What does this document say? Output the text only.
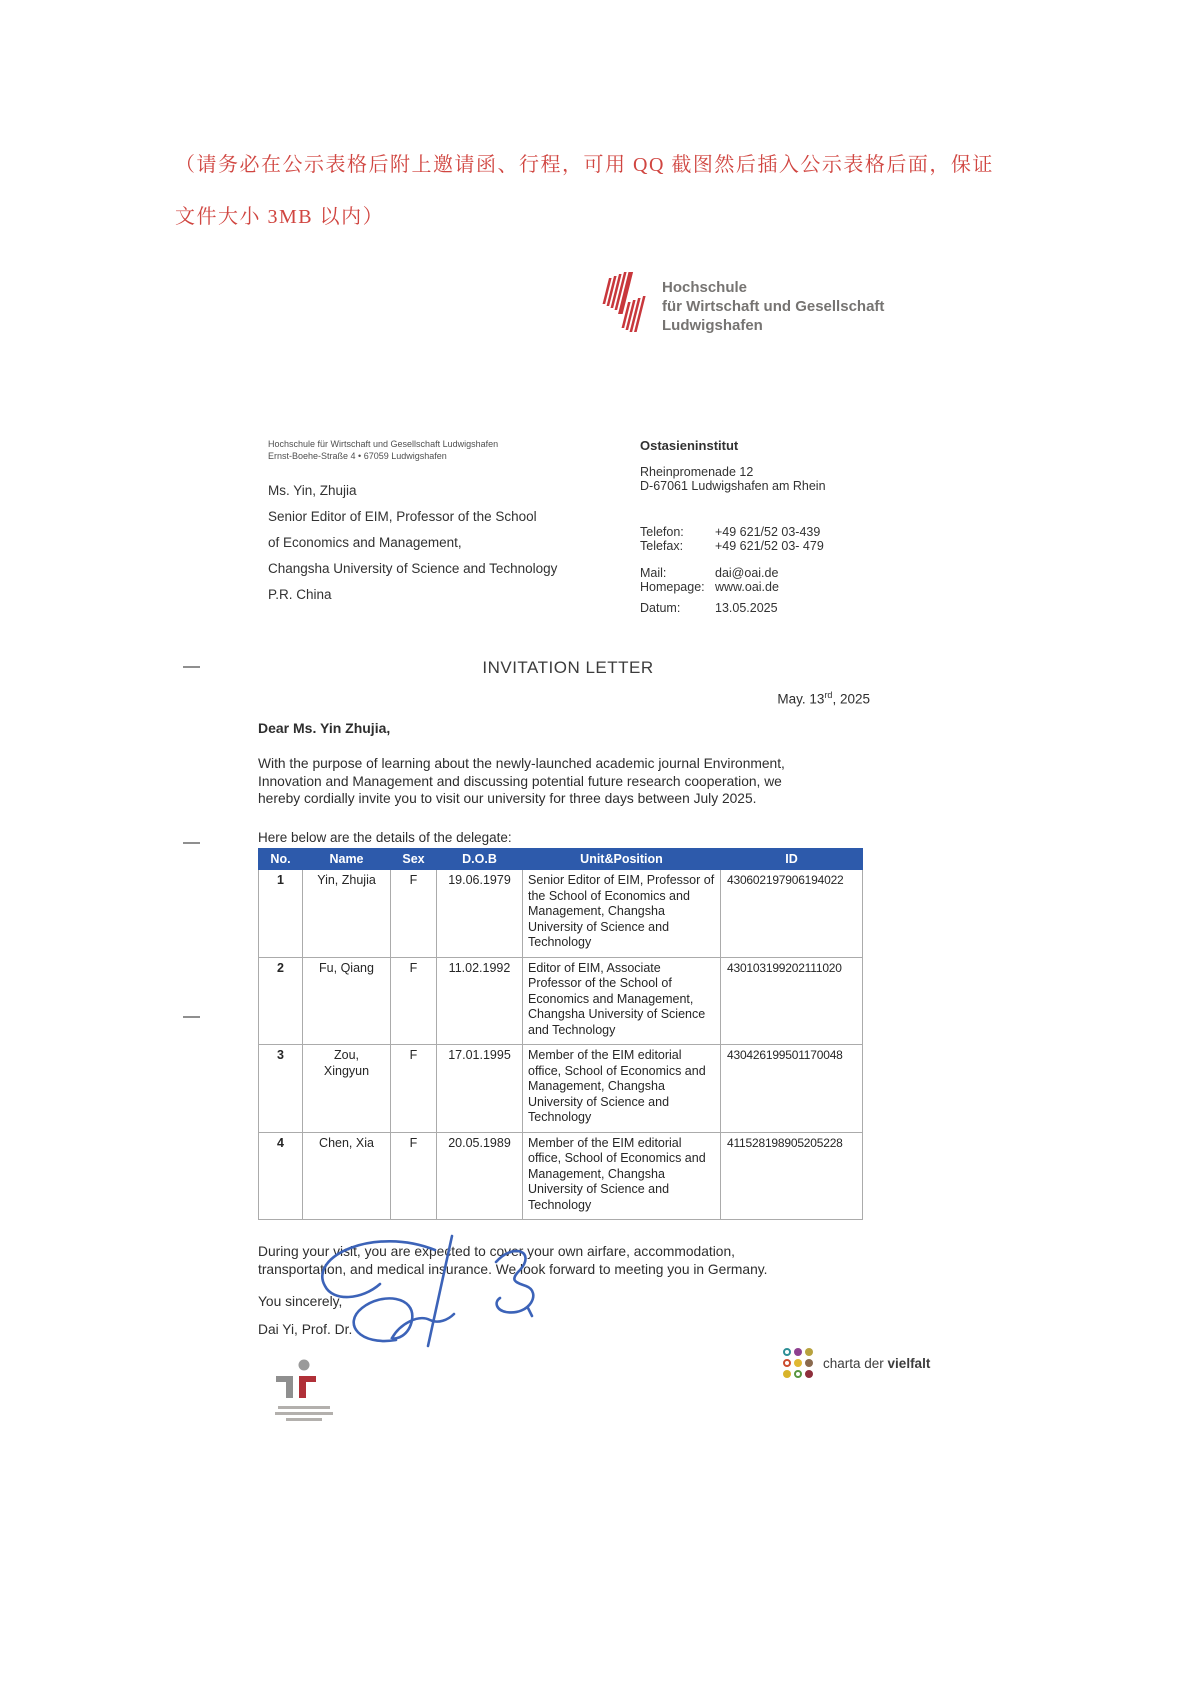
（请务必在公示表格后附上邀请函、行程，可用 QQ 截图然后插入公示表格后面，保证
文件大小 3MB 以内）
Hochschule
für Wirtschaft und Gesellschaft
Ludwigshafen
Hochschule für Wirtschaft und Gesellschaft Ludwigshafen
Ernst-Boehe-Straße 4 • 67059 Ludwigshafen
Ms. Yin, Zhujia
Senior Editor of EIM, Professor of the School
of Economics and Management,
Changsha University of Science and Technology
P.R. China
Ostasieninstitut
Rheinpromenade 12
D-67061 Ludwigshafen am Rhein
Telefon: +49 621/52 03-439
Telefax:	+49 621/52 03- 479
Mail:	dai@oai.de
Homepage: www.oai.de
Datum:	13.05.2025
INVITATION LETTER
May. 13rd, 2025
Dear Ms. Yin Zhujia,
With the purpose of learning about the newly-launched academic journal Environment,
Innovation and Management and discussing potential future research cooperation, we
hereby cordially invite you to visit our university for three days between July 2025.
Here below are the details of the delegate:
No.	Name	Sex	D.O.B	Unit&Position	ID
1	Yin, Zhujia	F	19.06.1979	Senior Editor of EIM, Professor of the School of Economics and Management, Changsha University of Science and Technology	430602197906194022
2	Fu, Qiang	F	11.02.1992	Editor of EIM, Associate Professor of the School of Economics and Management, Changsha University of Science and Technology	430103199202111020
3	Zou, Xingyun	F	17.01.1995	Member of the EIM editorial office, School of Economics and Management, Changsha University of Science and Technology	430426199501170048
4	Chen, Xia	F	20.05.1989	Member of the EIM editorial office, School of Economics and Management, Changsha University of Science and Technology	411528198905205228
During your visit, you are expected to cover your own airfare, accommodation,
transportation, and medical insurance. We look forward to meeting you in Germany.
You sincerely,
Dai Yi, Prof. Dr.
charta der vielfalt
